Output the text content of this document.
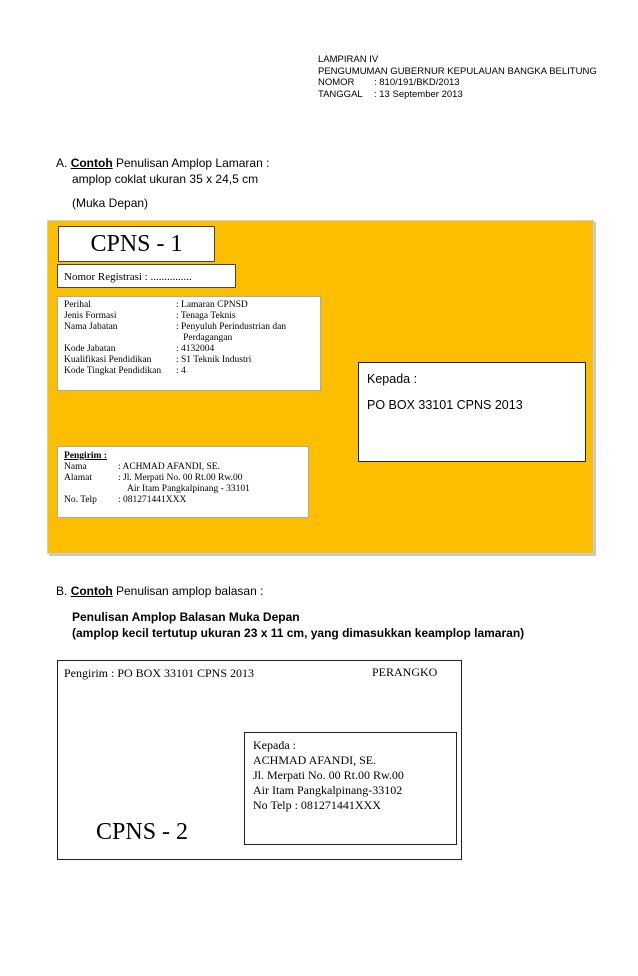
LAMPIRAN IV
PENGUMUMAN GUBERNUR KEPULAUAN BANGKA BELITUNG
NOMOR : 810/191/BKD/2013
TANGGAL : 13 September 2013
A. Contoh Penulisan Amplop Lamaran :
amplop coklat ukuran 35 x 24,5 cm
(Muka Depan)
CPNS - 1
Nomor Registrasi : ...............
Perihal	: Lamaran CPNSD
Jenis Formasi	: Tenaga Teknis
Nama Jabatan	: Penyuluh Perindustrian dan
Perdagangan
Kode Jabatan	: 4132004
Kualifikasi Pendidikan	: S1 Teknik Industri
Kode Tingkat Pendidikan	: 4
Kepada :
PO BOX 33101 CPNS 2013
Pengirim :
Nama	: ACHMAD AFANDI, SE.
Alamat	: Jl. Merpati No. 00 Rt.00 Rw.00
Air Itam Pangkalpinang - 33101
No. Telp	: 081271441XXX
B. Contoh Penulisan amplop balasan :
Penulisan Amplop Balasan Muka Depan
(amplop kecil tertutup ukuran 23 x 11 cm, yang dimasukkan keamplop lamaran)
Pengirim : PO BOX 33101 CPNS 2013	PERANGKO
Kepada :
ACHMAD AFANDI, SE.
Jl. Merpati No. 00 Rt.00 Rw.00
Air Itam Pangkalpinang-33102
No Telp : 081271441XXX
CPNS - 2
